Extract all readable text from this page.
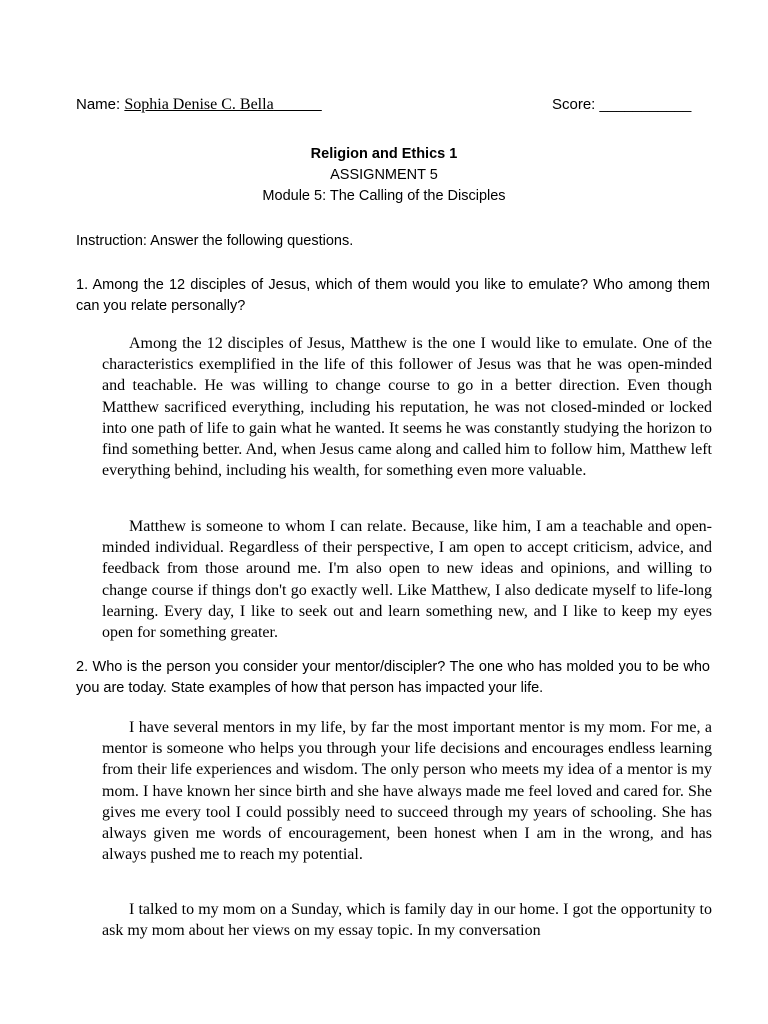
Name: Sophia Denise C. Bella______	Score: ___________
Religion and Ethics 1
ASSIGNMENT 5
Module 5: The Calling of the Disciples
Instruction: Answer the following questions.
1. Among the 12 disciples of Jesus, which of them would you like to emulate? Who among them can you relate personally?

Among the 12 disciples of Jesus, Matthew is the one I would like to emulate. One of the characteristics exemplified in the life of this follower of Jesus was that he was open-minded and teachable. He was willing to change course to go in a better direction. Even though Matthew sacrificed everything, including his reputation, he was not closed-minded or locked into one path of life to gain what he wanted. It seems he was constantly studying the horizon to find something better. And, when Jesus came along and called him to follow him, Matthew left everything behind, including his wealth, for something even more valuable.

Matthew is someone to whom I can relate. Because, like him, I am a teachable and open-minded individual. Regardless of their perspective, I am open to accept criticism, advice, and feedback from those around me. I'm also open to new ideas and opinions, and willing to change course if things don't go exactly well. Like Matthew, I also dedicate myself to life-long learning. Every day, I like to seek out and learn something new, and I like to keep my eyes open for something greater.

2. Who is the person you consider your mentor/discipler? The one who has molded you to be who you are today. State examples of how that person has impacted your life.

I have several mentors in my life, by far the most important mentor is my mom. For me, a mentor is someone who helps you through your life decisions and encourages endless learning from their life experiences and wisdom. The only person who meets my idea of a mentor is my mom. I have known her since birth and she have always made me feel loved and cared for. She gives me every tool I could possibly need to succeed through my years of schooling. She has always given me words of encouragement, been honest when I am in the wrong, and has always pushed me to reach my potential.

I talked to my mom on a Sunday, which is family day in our home. I got the opportunity to ask my mom about her views on my essay topic. In my conversation
